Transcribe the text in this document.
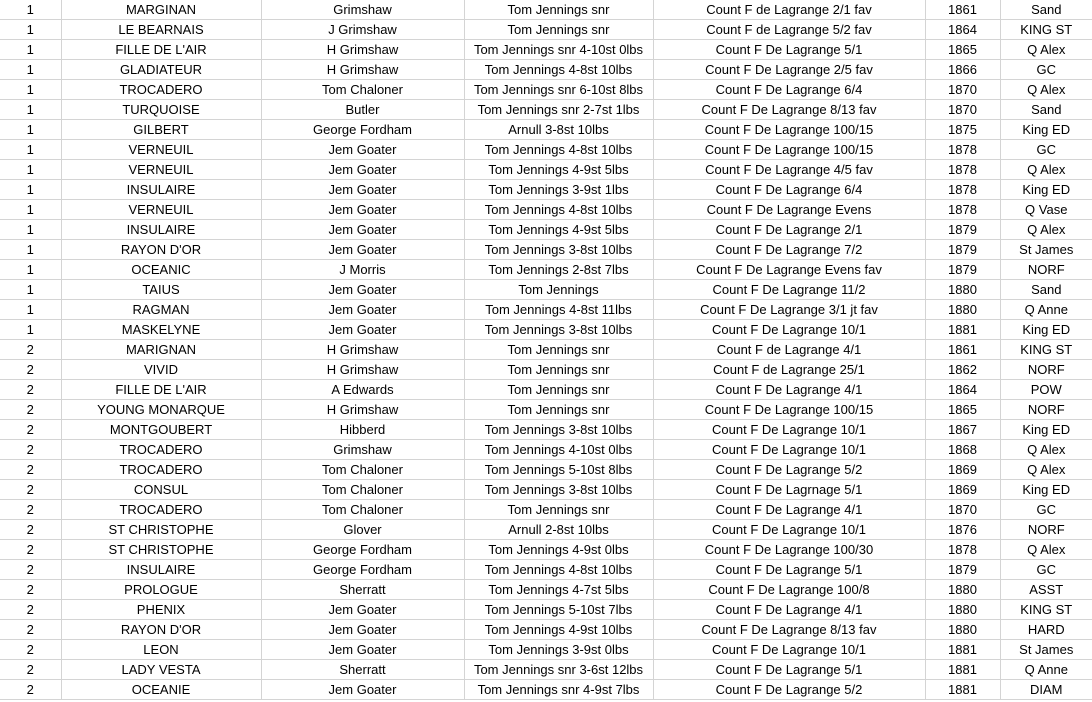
1	MARGINAN	Grimshaw	Tom Jennings snr	Count F de Lagrange 2/1 fav	1861	Sand
1	LE BEARNAIS	J Grimshaw	Tom Jennings snr	Count F de Lagrange 5/2 fav	1864	KING ST
1	FILLE DE L'AIR	H Grimshaw	Tom Jennings snr 4-10st 0lbs	Count F De Lagrange 5/1	1865	Q Alex
1	GLADIATEUR	H Grimshaw	Tom Jennings 4-8st 10lbs	Count F De Lagrange 2/5 fav	1866	GC
1	TROCADERO	Tom Chaloner	Tom Jennings snr 6-10st 8lbs	Count F De Lagrange 6/4	1870	Q Alex
1	TURQUOISE	Butler	Tom Jennings snr 2-7st 1lbs	Count F De Lagrange 8/13 fav	1870	Sand
1	GILBERT	George Fordham	Arnull 3-8st 10lbs	Count F De Lagrange 100/15	1875	King ED
1	VERNEUIL	Jem Goater	Tom Jennings 4-8st 10lbs	Count F De Lagrange 100/15	1878	GC
1	VERNEUIL	Jem Goater	Tom Jennings 4-9st 5lbs	Count F De Lagrange 4/5 fav	1878	Q Alex
1	INSULAIRE	Jem Goater	Tom Jennings 3-9st 1lbs	Count F De Lagrange 6/4	1878	King ED
1	VERNEUIL	Jem Goater	Tom Jennings 4-8st 10lbs	Count F De Lagrange Evens	1878	Q Vase
1	INSULAIRE	Jem Goater	Tom Jennings 4-9st 5lbs	Count F De Lagrange 2/1	1879	Q Alex
1	RAYON D'OR	Jem Goater	Tom Jennings 3-8st 10lbs	Count F De Lagrange 7/2	1879	St James
1	OCEANIC	J Morris	Tom Jennings 2-8st 7lbs	Count F De Lagrange Evens fav	1879	NORF
1	TAIUS	Jem Goater	Tom Jennings	Count F De Lagrange 11/2	1880	Sand
1	RAGMAN	Jem Goater	Tom Jennings 4-8st 11lbs	Count F De Lagrange 3/1 jt fav	1880	Q Anne
1	MASKELYNE	Jem Goater	Tom Jennings 3-8st 10lbs	Count F De Lagrange 10/1	1881	King ED
2	MARIGNAN	H Grimshaw	Tom Jennings snr	Count F de Lagrange 4/1	1861	KING ST
2	VIVID	H Grimshaw	Tom Jennings snr	Count F de Lagrange 25/1	1862	NORF
2	FILLE DE L'AIR	A Edwards	Tom Jennings snr	Count F De Lagrange 4/1	1864	POW
2	YOUNG MONARQUE	H Grimshaw	Tom Jennings snr	Count F De Lagrange 100/15	1865	NORF
2	MONTGOUBERT	Hibberd	Tom Jennings 3-8st 10lbs	Count F De Lagrange 10/1	1867	King ED
2	TROCADERO	Grimshaw	Tom Jennings 4-10st 0lbs	Count F De Lagrange 10/1	1868	Q Alex
2	TROCADERO	Tom Chaloner	Tom Jennings 5-10st 8lbs	Count F De Lagrange 5/2	1869	Q Alex
2	CONSUL	Tom Chaloner	Tom Jennings 3-8st 10lbs	Count F De Lagrnage 5/1	1869	King ED
2	TROCADERO	Tom Chaloner	Tom Jennings snr	Count F De Lagrange 4/1	1870	GC
2	ST CHRISTOPHE	Glover	Arnull 2-8st 10lbs	Count F De Lagrange 10/1	1876	NORF
2	ST CHRISTOPHE	George Fordham	Tom Jennings 4-9st 0lbs	Count F De Lagrange 100/30	1878	Q Alex
2	INSULAIRE	George Fordham	Tom Jennings 4-8st 10lbs	Count F De Lagrange 5/1	1879	GC
2	PROLOGUE	Sherratt	Tom Jennings 4-7st 5lbs	Count F De Lagrange 100/8	1880	ASST
2	PHENIX	Jem Goater	Tom Jennings 5-10st 7lbs	Count F De Lagrange 4/1	1880	KING ST
2	RAYON D'OR	Jem Goater	Tom Jennings 4-9st 10lbs	Count F De Lagrange 8/13 fav	1880	HARD
2	LEON	Jem Goater	Tom Jennings 3-9st 0lbs	Count F De Lagrange 10/1	1881	St James
2	LADY VESTA	Sherratt	Tom Jennings snr 3-6st 12lbs	Count F De Lagrange 5/1	1881	Q Anne
2	OCEANIE	Jem Goater	Tom Jennings snr 4-9st 7lbs	Count F De Lagrange 5/2	1881	DIAM
